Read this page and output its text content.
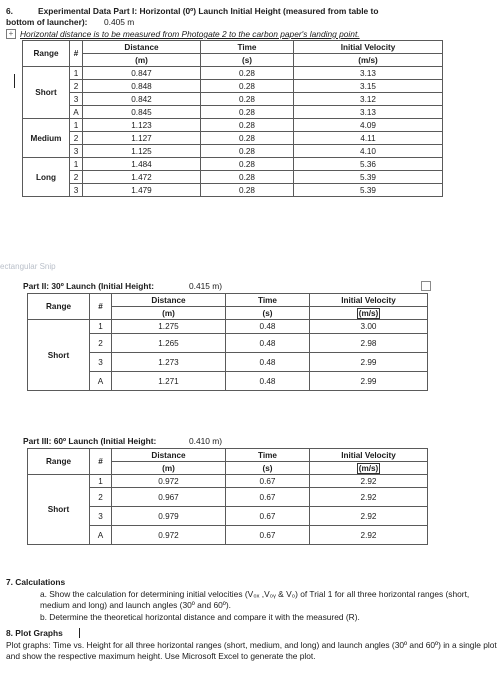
6.	Experimental Data Part I: Horizontal (0º) Launch Initial Height (measured from table to
bottom of launcher): 0.405 m
+ Horizontal distance is to be measured from Photogate 2 to the carbon paper's landing point.
Range	#	Distance	Time	Initial Velocity
		(m)	(s)	(m/s)
Short	1	0.847	0.28	3.13
	2	0.848	0.28	3.15
	3	0.842	0.28	3.12
	A	0.845	0.28	3.13
Medium	1	1.123	0.28	4.09
	2	1.127	0.28	4.11
	3	1.125	0.28	4.10
Long	1	1.484	0.28	5.36
	2	1.472	0.28	5.39
	3	1.479	0.28	5.39
ectangular Snip
Part II: 30º Launch (Initial Height:	0.415 m)
Range	#	Distance	Time	Initial Velocity
		(m)	(s)	(m/s)
Short	1	1.275	0.48	3.00
	2	1.265	0.48	2.98
	3	1.273	0.48	2.99
	A	1.271	0.48	2.99
Part III: 60º Launch (Initial Height:	0.410 m)
Range	#	Distance	Time	Initial Velocity
		(m)	(s)	(m/s)
Short	1	0.972	0.67	2.92
	2	0.967	0.67	2.92
	3	0.979	0.67	2.92
	A	0.972	0.67	2.92
7. Calculations
a. Show the calculation for determining initial velocities (V₀ₓ ,V₀ᵧ & V₀) of Trial 1 for all three horizontal ranges (short, medium and long) and launch angles (30º and 60º).
b. Determine the theoretical horizontal distance and compare it with the measured (R).
8. Plot Graphs
Plot graphs: Time vs. Height for all three horizontal ranges (short, medium, and long) and launch angles (30º and 60º) in a single plot and show the respective maximum height. Use Microsoft Excel to generate the plot.
